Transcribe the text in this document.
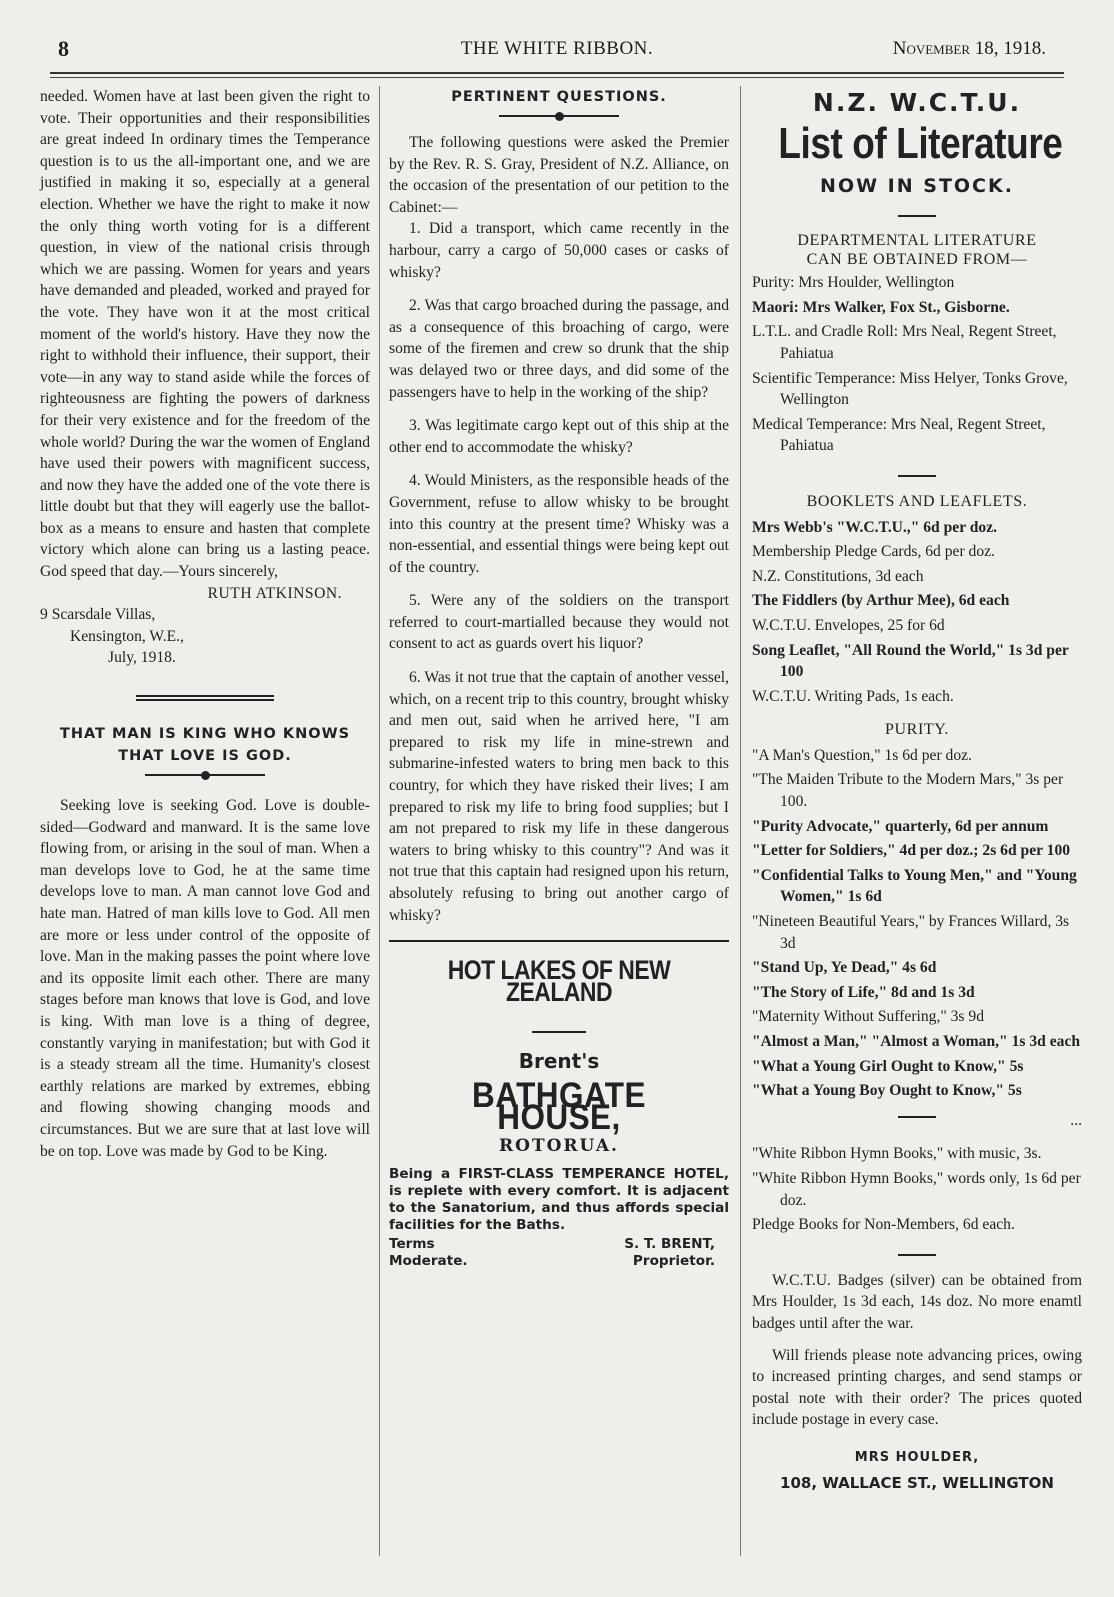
8	THE WHITE RIBBON.	November 18, 1918.

needed. Women have at last been given the right to vote. Their opportunities and their responsibilities are great indeed In ordinary times the Temperance question is to us the all-important one, and we are justified in making it so, especially at a general election. Whether we have the right to make it now the only thing worth voting for is a different question, in view of the national crisis through which we are passing. Women for years and years have demanded and pleaded, worked and prayed for the vote. They have won it at the most critical moment of the world's history. Have they now the right to withhold their influence, their support, their vote—in any way to stand aside while the forces of righteousness are fighting the powers of darkness for their very existence and for the freedom of the whole world? During the war the women of England have used their powers with magnificent success, and now they have the added one of the vote there is little doubt but that they will eagerly use the ballot-box as a means to ensure and hasten that complete victory which alone can bring us a lasting peace. God speed that day.—Yours sincerely,

RUTH ATKINSON.

9 Scarsdale Villas,

Kensington, W.E.,

July, 1918.

THAT MAN IS KING WHO KNOWS
THAT LOVE IS GOD.

Seeking love is seeking God. Love is double-sided—Godward and manward. It is the same love flowing from, or arising in the soul of man. When a man develops love to God, he at the same time develops love to man. A man cannot love God and hate man. Hatred of man kills love to God. All men are more or less under control of the opposite of love. Man in the making passes the point where love and its opposite limit each other. There are many stages before man knows that love is God, and love is king. With man love is a thing of degree, constantly varying in manifestation; but with God it is a steady stream all the time. Humanity's closest earthly relations are marked by extremes, ebbing and flowing showing changing moods and circumstances. But we are sure that at last love will be on top. Love was made by God to be King.

PERTINENT QUESTIONS.

The following questions were asked the Premier by the Rev. R. S. Gray, President of N.Z. Alliance, on the occasion of the presentation of our petition to the Cabinet:—

1. Did a transport, which came recently in the harbour, carry a cargo of 50,000 cases or casks of whisky?

2. Was that cargo broached during the passage, and as a consequence of this broaching of cargo, were some of the firemen and crew so drunk that the ship was delayed two or three days, and did some of the passengers have to help in the working of the ship?

3. Was legitimate cargo kept out of this ship at the other end to accommodate the whisky?

4. Would Ministers, as the responsible heads of the Government, refuse to allow whisky to be brought into this country at the present time? Whisky was a non-essential, and essential things were being kept out of the country.

5. Were any of the soldiers on the transport referred to court-martialled because they would not consent to act as guards overt his liquor?

6. Was it not true that the captain of another vessel, which, on a recent trip to this country, brought whisky and men out, said when he arrived here, "I am prepared to risk my life in mine-strewn and submarine-infested waters to bring men back to this country, for which they have risked their lives; I am prepared to risk my life to bring food supplies; but I am not prepared to risk my life in these dangerous waters to bring whisky to this country"? And was it not true that this captain had resigned upon his return, absolutely refusing to bring out another cargo of whisky?

HOT LAKES OF NEW ZEALAND
Brent's
BATHGATE HOUSE,
ROTORUA.

Being a FIRST-CLASS TEMPERANCE HOTEL, is replete with every comfort. It is adjacent to the Sanatorium, and thus affords special facilities for the Baths.

Terms
Moderate.
S. T. BRENT,
Proprietor.
N.Z. W.C.T.U.
List of Literature
NOW IN STOCK.
DEPARTMENTAL LITERATURE
CAN BE OBTAINED FROM—

Purity: Mrs Houlder, Wellington

Maori: Mrs Walker, Fox St., Gisborne.

L.T.L. and Cradle Roll: Mrs Neal, Regent Street, Pahiatua

Scientific Temperance: Miss Helyer, Tonks Grove, Wellington

Medical Temperance: Mrs Neal, Regent Street, Pahiatua

BOOKLETS AND LEAFLETS.

Mrs Webb's "W.C.T.U.," 6d per doz.

Membership Pledge Cards, 6d per doz.

N.Z. Constitutions, 3d each

The Fiddlers (by Arthur Mee), 6d each

W.C.T.U. Envelopes, 25 for 6d

Song Leaflet, "All Round the World," 1s 3d per 100

W.C.T.U. Writing Pads, 1s each.

PURITY.

"A Man's Question," 1s 6d per doz.

"The Maiden Tribute to the Modern Mars," 3s per 100.

"Purity Advocate," quarterly, 6d per annum

"Letter for Soldiers," 4d per doz.; 2s 6d per 100

"Confidential Talks to Young Men," and "Young Women," 1s 6d

"Nineteen Beautiful Years," by Frances Willard, 3s 3d

"Stand Up, Ye Dead," 4s 6d

"The Story of Life," 8d and 1s 3d

"Maternity Without Suffering," 3s 9d

"Almost a Man," "Almost a Woman," 1s 3d each

"What a Young Girl Ought to Know," 5s

"What a Young Boy Ought to Know," 5s

...

"White Ribbon Hymn Books," with music, 3s.

"White Ribbon Hymn Books," words only, 1s 6d per doz.

Pledge Books for Non-Members, 6d each.

W.C.T.U. Badges (silver) can be obtained from Mrs Houlder, 1s 3d each, 14s doz. No more enamtl badges until after the war.

Will friends please note advancing prices, owing to increased printing charges, and send stamps or postal note with their order? The prices quoted include postage in every case.

MRS HOULDER,
108, WALLACE ST., WELLINGTON
